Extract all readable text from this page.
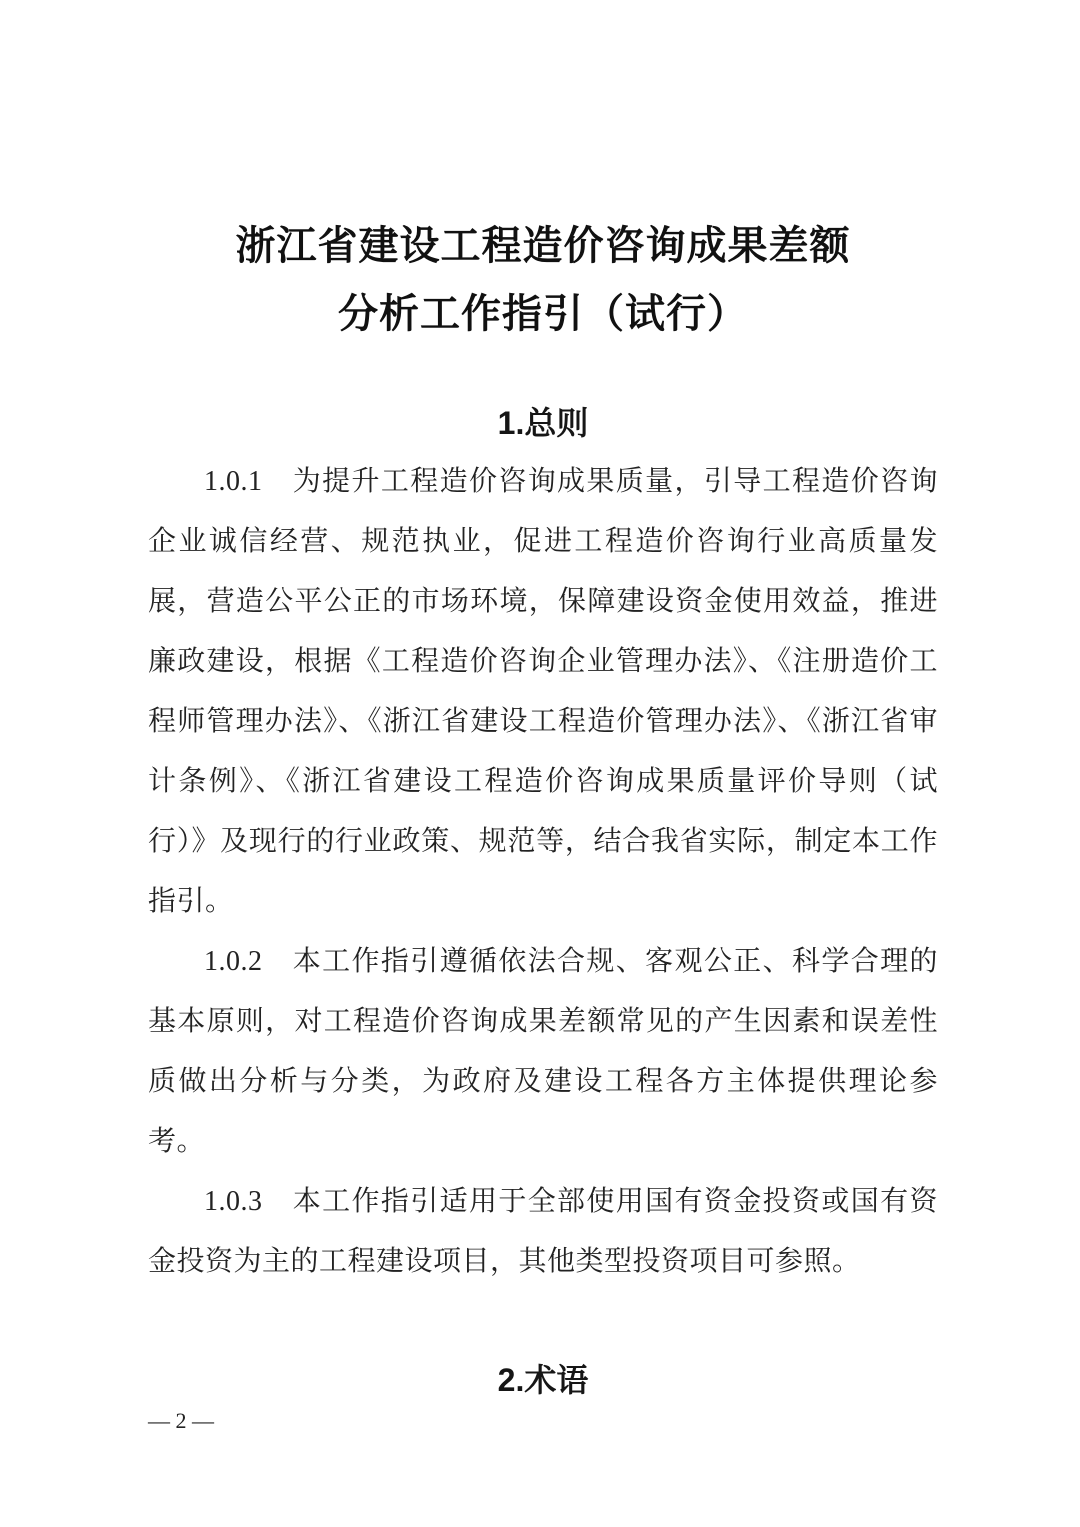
浙江省建设工程造价咨询成果差额
分析工作指引（试行）
1.总则

1.0.1　为提升工程造价咨询成果质量，引导工程造价咨询企业诚信经营、规范执业，促进工程造价咨询行业高质量发展，营造公平公正的市场环境，保障建设资金使用效益，推进廉政建设，根据《工程造价咨询企业管理办法》、《注册造价工程师管理办法》、《浙江省建设工程造价管理办法》、《浙江省审计条例》、《浙江省建设工程造价咨询成果质量评价导则（试行）》及现行的行业政策、规范等，结合我省实际，制定本工作指引。

1.0.2　本工作指引遵循依法合规、客观公正、科学合理的基本原则，对工程造价咨询成果差额常见的产生因素和误差性质做出分析与分类，为政府及建设工程各方主体提供理论参考。

1.0.3　本工作指引适用于全部使用国有资金投资或国有资金投资为主的工程建设项目，其他类型投资项目可参照。

2.术语
— 2 —
